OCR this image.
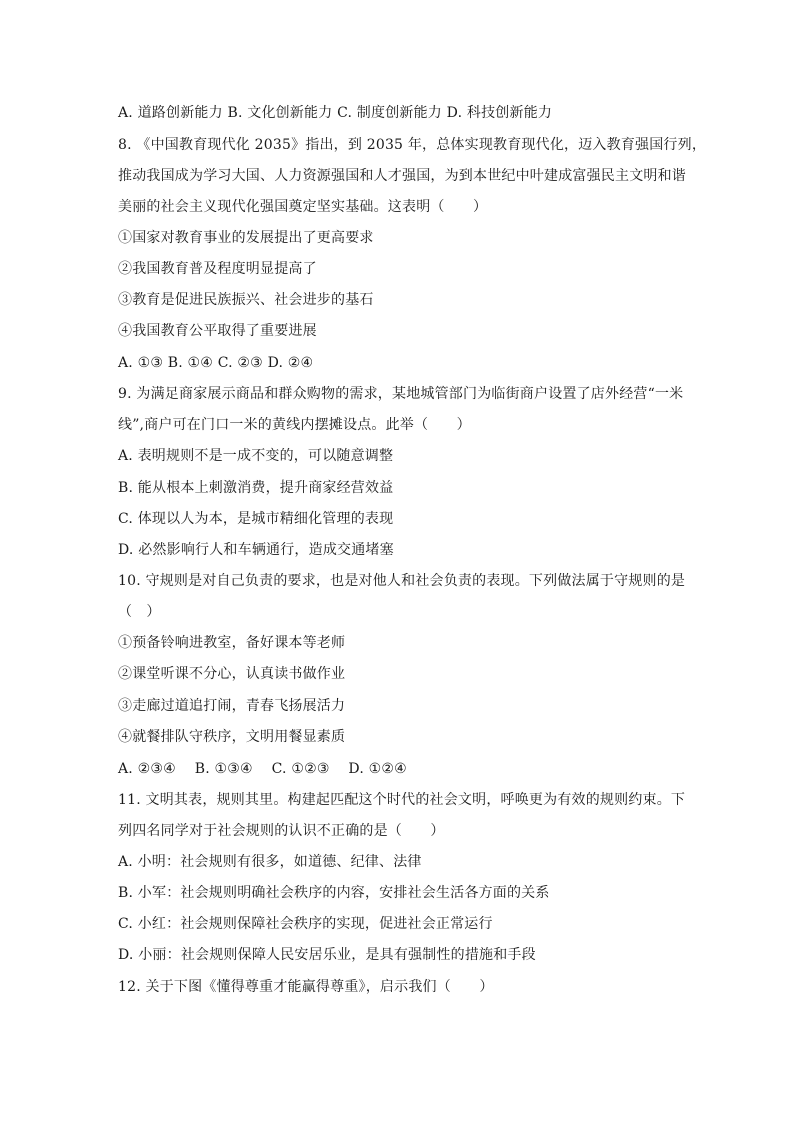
A. 道路创新能力 B. 文化创新能力 C. 制度创新能力 D. 科技创新能力
8. 《中国教育现代化 2035》指出，到 2035 年，总体实现教育现代化，迈入教育强国行列，
推动我国成为学习大国、人力资源强国和人才强国，为到本世纪中叶建成富强民主文明和谐
美丽的社会主义现代化强国奠定坚实基础。这表明（　　）
①国家对教育事业的发展提出了更高要求
②我国教育普及程度明显提高了
③教育是促进民族振兴、社会进步的基石
④我国教育公平取得了重要进展
A. ①③ B. ①④ C. ②③ D. ②④
9. 为满足商家展示商品和群众购物的需求，某地城管部门为临街商户设置了店外经营“一米
线”,商户可在门口一米的黄线内摆摊设点。此举（　　）
A. 表明规则不是一成不变的，可以随意调整
B. 能从根本上刺激消费，提升商家经营效益
C. 体现以人为本，是城市精细化管理的表现
D. 必然影响行人和车辆通行，造成交通堵塞
10. 守规则是对自己负责的要求，也是对他人和社会负责的表现。下列做法属于守规则的是
（　）
①预备铃响进教室，备好课本等老师
②课堂听课不分心，认真读书做作业
③走廊过道追打闹，青春飞扬展活力
④就餐排队守秩序，文明用餐显素质
A. ②③④　 B. ①③④　 C. ①②③　 D. ①②④
11. 文明其表，规则其里。构建起匹配这个时代的社会文明，呼唤更为有效的规则约束。下
列四名同学对于社会规则的认识不正确的是（　　）
A. 小明：社会规则有很多，如道德、纪律、法律
B. 小军：社会规则明确社会秩序的内容，安排社会生活各方面的关系
C. 小红：社会规则保障社会秩序的实现，促进社会正常运行
D. 小丽：社会规则保障人民安居乐业，是具有强制性的措施和手段
12. 关于下图《懂得尊重才能赢得尊重》，启示我们（　　）
